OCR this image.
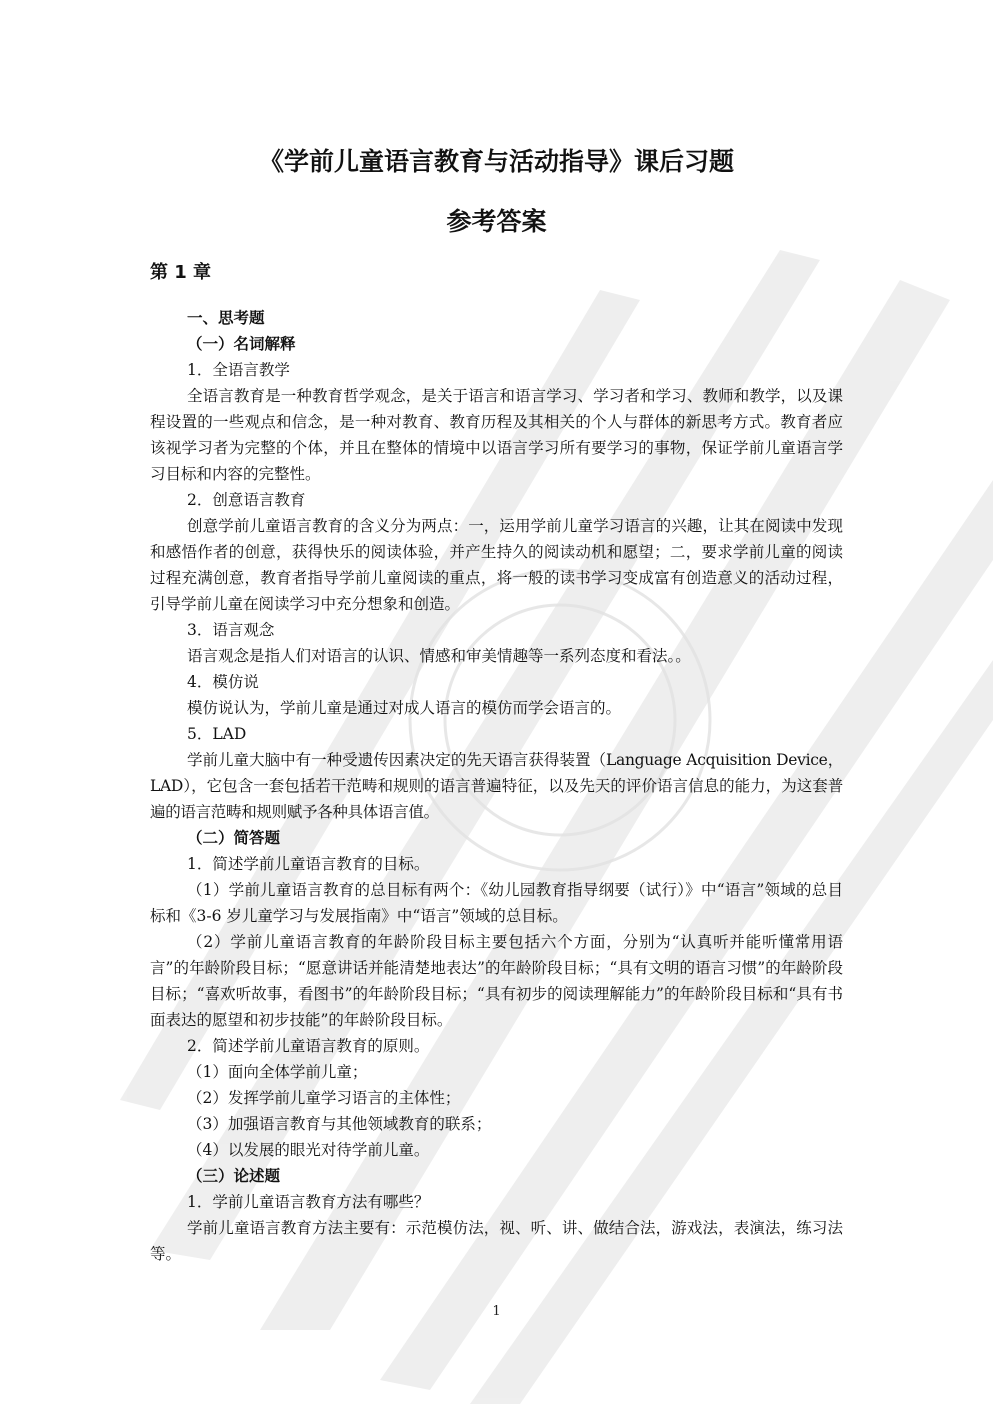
《学前儿童语言教育与活动指导》课后习题
参考答案

第 1 章

一、思考题

（一）名词解释

1．全语言教学

全语言教育是一种教育哲学观念，是关于语言和语言学习、学习者和学习、教师和教学，以及课程设置的一些观点和信念，是一种对教育、教育历程及其相关的个人与群体的新思考方式。教育者应该视学习者为完整的个体，并且在整体的情境中以语言学习所有要学习的事物，保证学前儿童语言学习目标和内容的完整性。

2．创意语言教育

创意学前儿童语言教育的含义分为两点：一，运用学前儿童学习语言的兴趣，让其在阅读中发现和感悟作者的创意，获得快乐的阅读体验，并产生持久的阅读动机和愿望；二，要求学前儿童的阅读过程充满创意，教育者指导学前儿童阅读的重点，将一般的读书学习变成富有创造意义的活动过程，引导学前儿童在阅读学习中充分想象和创造。

3．语言观念

语言观念是指人们对语言的认识、情感和审美情趣等一系列态度和看法。。

4．模仿说

模仿说认为，学前儿童是通过对成人语言的模仿而学会语言的。

5．LAD

学前儿童大脑中有一种受遗传因素决定的先天语言获得装置（Language Acquisition Device，LAD），它包含一套包括若干范畴和规则的语言普遍特征，以及先天的评价语言信息的能力，为这套普遍的语言范畴和规则赋予各种具体语言值。

（二）简答题

1．简述学前儿童语言教育的目标。

（1）学前儿童语言教育的总目标有两个：《幼儿园教育指导纲要（试行）》中“语言”领域的总目标和《3-6 岁儿童学习与发展指南》中“语言”领域的总目标。

（2）学前儿童语言教育的年龄阶段目标主要包括六个方面，分别为“认真听并能听懂常用语言”的年龄阶段目标；“愿意讲话并能清楚地表达”的年龄阶段目标；“具有文明的语言习惯”的年龄阶段目标；“喜欢听故事，看图书”的年龄阶段目标；“具有初步的阅读理解能力”的年龄阶段目标和“具有书面表达的愿望和初步技能”的年龄阶段目标。

2．简述学前儿童语言教育的原则。

（1）面向全体学前儿童；

（2）发挥学前儿童学习语言的主体性；

（3）加强语言教育与其他领域教育的联系；

（4）以发展的眼光对待学前儿童。

（三）论述题

1．学前儿童语言教育方法有哪些？

学前儿童语言教育方法主要有：示范模仿法，视、听、讲、做结合法，游戏法，表演法，练习法等。

1
